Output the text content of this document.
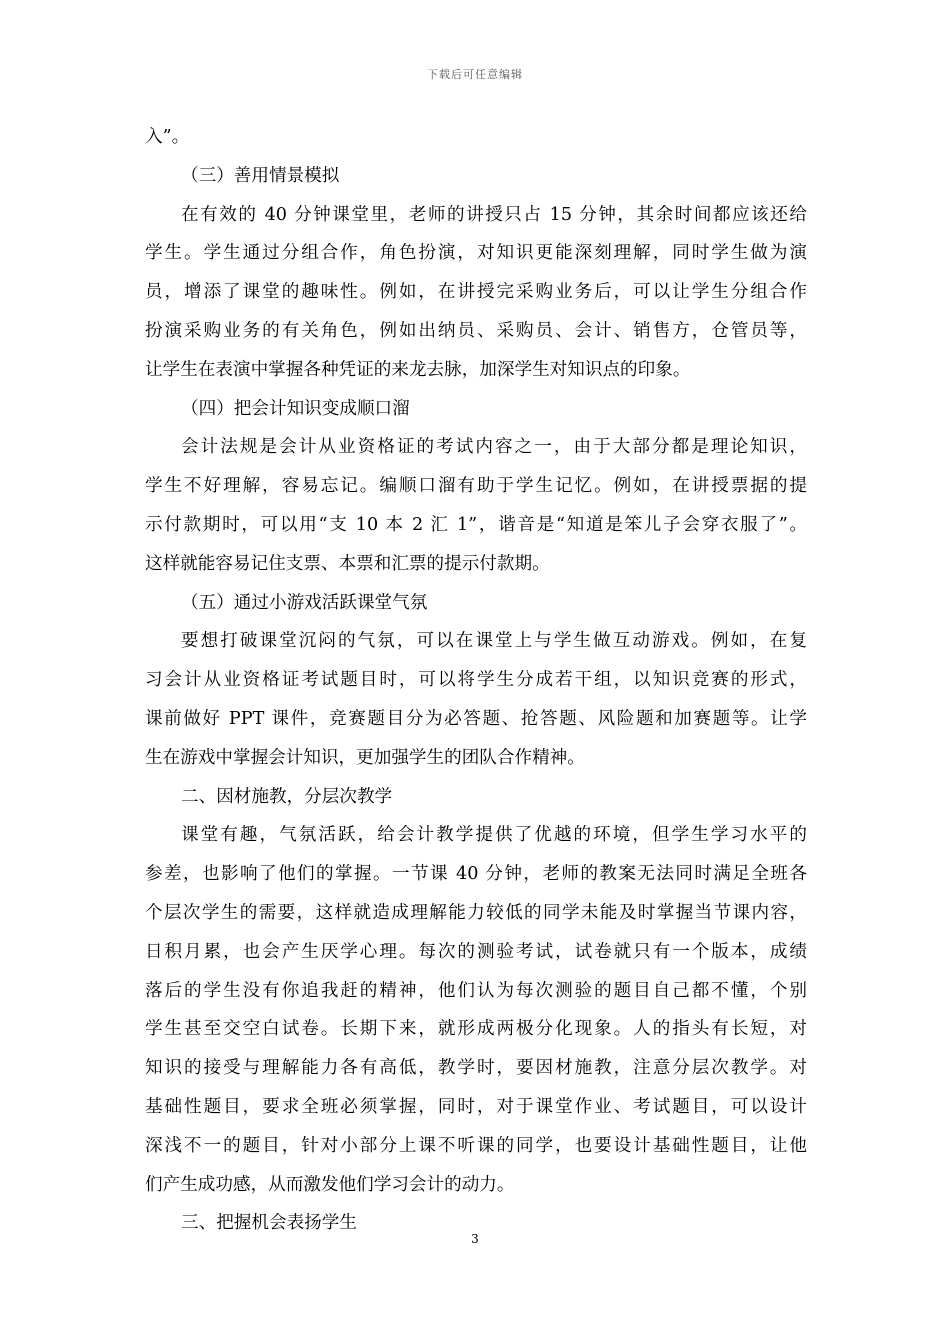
下载后可任意编辑
入”。
（三）善用情景模拟
在有效的 40 分钟课堂里，老师的讲授只占 15 分钟，其余时间都应该还给
学生。学生通过分组合作，角色扮演，对知识更能深刻理解，同时学生做为演
员，增添了课堂的趣味性。例如，在讲授完采购业务后，可以让学生分组合作
扮演采购业务的有关角色，例如出纳员、采购员、会计、销售方，仓管员等，
让学生在表演中掌握各种凭证的来龙去脉，加深学生对知识点的印象。
（四）把会计知识变成顺口溜
会计法规是会计从业资格证的考试内容之一，由于大部分都是理论知识，
学生不好理解，容易忘记。编顺口溜有助于学生记忆。例如，在讲授票据的提
示付款期时，可以用“支 10 本 2 汇 1”，谐音是“知道是笨儿子会穿衣服了”。
这样就能容易记住支票、本票和汇票的提示付款期。
（五）通过小游戏活跃课堂气氛
要想打破课堂沉闷的气氛，可以在课堂上与学生做互动游戏。例如，在复
习会计从业资格证考试题目时，可以将学生分成若干组，以知识竞赛的形式，
课前做好 PPT 课件，竞赛题目分为必答题、抢答题、风险题和加赛题等。让学
生在游戏中掌握会计知识，更加强学生的团队合作精神。
二、因材施教，分层次教学
课堂有趣，气氛活跃，给会计教学提供了优越的环境，但学生学习水平的
参差，也影响了他们的掌握。一节课 40 分钟，老师的教案无法同时满足全班各
个层次学生的需要，这样就造成理解能力较低的同学未能及时掌握当节课内容，
日积月累，也会产生厌学心理。每次的测验考试，试卷就只有一个版本，成绩
落后的学生没有你追我赶的精神，他们认为每次测验的题目自己都不懂，个别
学生甚至交空白试卷。长期下来，就形成两极分化现象。人的指头有长短，对
知识的接受与理解能力各有高低，教学时，要因材施教，注意分层次教学。对
基础性题目，要求全班必须掌握，同时，对于课堂作业、考试题目，可以设计
深浅不一的题目，针对小部分上课不听课的同学，也要设计基础性题目，让他
们产生成功感，从而激发他们学习会计的动力。
三、把握机会表扬学生
3
